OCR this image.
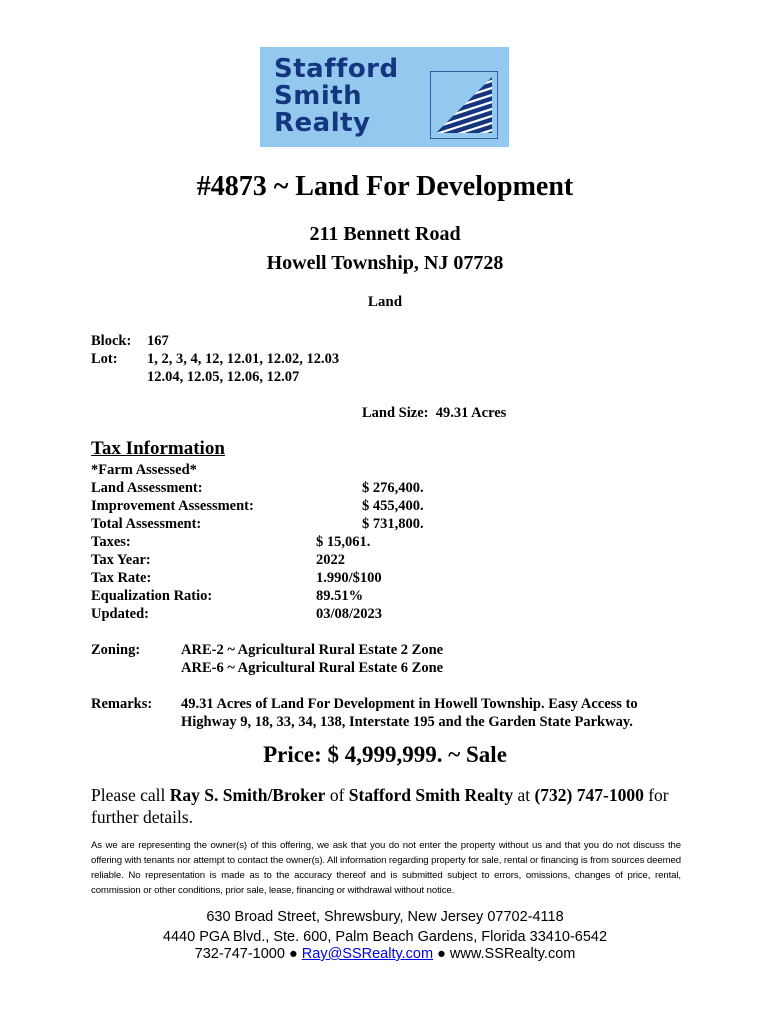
Stafford
Smith
Realty
#4873 ~ Land For Development
211 Bennett Road
Howell Township, NJ 07728
Land
Block: 167
Lot: 1, 2, 3, 4, 12, 12.01, 12.02, 12.03
12.04, 12.05, 12.06, 12.07
Land Size: 49.31 Acres
Tax Information
*Farm Assessed*
Land Assessment:	$ 276,400.
Improvement Assessment:	$ 455,400.
Total Assessment:	$ 731,800.
Taxes:	$ 15,061.
Tax Year:	2022
Tax Rate:	1.990/$100
Equalization Ratio:	89.51%
Updated:	03/08/2023
Zoning:	ARE-2 ~ Agricultural Rural Estate 2 Zone
ARE-6 ~ Agricultural Rural Estate 6 Zone
Remarks: 49.31 Acres of Land For Development in Howell Township. Easy Access to
Highway 9, 18, 33, 34, 138, Interstate 195 and the Garden State Parkway.
Price: $ 4,999,999. ~ Sale
Please call Ray S. Smith/Broker of Stafford Smith Realty at (732) 747-1000 for further details.
As we are representing the owner(s) of this offering, we ask that you do not enter the property without us and that you do not discuss the offering with tenants nor attempt to contact the owner(s). All information regarding property for sale, rental or financing is from sources deemed reliable. No representation is made as to the accuracy thereof and is submitted subject to errors, omissions, changes of price, rental, commission or other conditions, prior sale, lease, financing or withdrawal without notice.
630 Broad Street, Shrewsbury, New Jersey 07702-4118
4440 PGA Blvd., Ste. 600, Palm Beach Gardens, Florida 33410-6542
732-747-1000 ● Ray@SSRealty.com ● www.SSRealty.com
